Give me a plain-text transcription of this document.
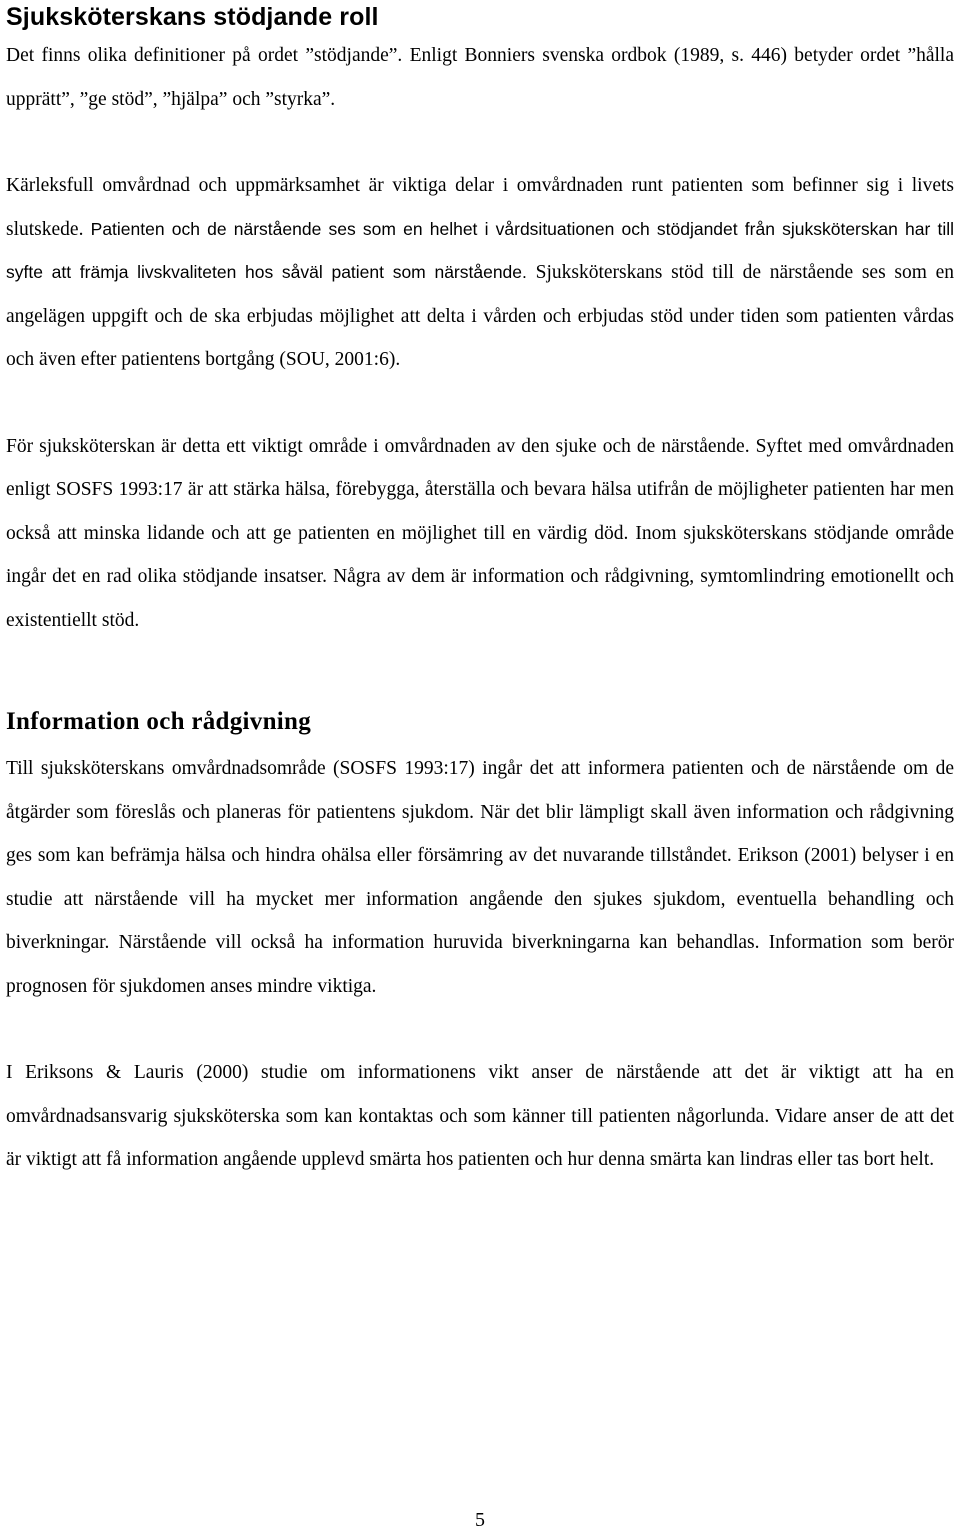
Sjuksköterskans stödjande roll

Det finns olika definitioner på ordet ”stödjande”. Enligt Bonniers svenska ordbok (1989, s. 446) betyder ordet ”hålla upprätt”, ”ge stöd”, ”hjälpa” och ”styrka”.

Kärleksfull omvårdnad och uppmärksamhet är viktiga delar i omvårdnaden runt patienten som befinner sig i livets slutskede. Patienten och de närstående ses som en helhet i vårdsituationen och stödjandet från sjuksköterskan har till syfte att främja livskvaliteten hos såväl patient som närstående. Sjuksköterskans stöd till de närstående ses som en angelägen uppgift och de ska erbjudas möjlighet att delta i vården och erbjudas stöd under tiden som patienten vårdas och även efter patientens bortgång (SOU, 2001:6).

För sjuksköterskan är detta ett viktigt område i omvårdnaden av den sjuke och de närstående. Syftet med omvårdnaden enligt SOSFS 1993:17 är att stärka hälsa, förebygga, återställa och bevara hälsa utifrån de möjligheter patienten har men också att minska lidande och att ge patienten en möjlighet till en värdig död. Inom sjuksköterskans stödjande område ingår det en rad olika stödjande insatser. Några av dem är information och rådgivning, symtomlindring emotionellt och existentiellt stöd.

Information och rådgivning

Till sjuksköterskans omvårdnadsområde (SOSFS 1993:17) ingår det att informera patienten och de närstående om de åtgärder som föreslås och planeras för patientens sjukdom. När det blir lämpligt skall även information och rådgivning ges som kan befrämja hälsa och hindra ohälsa eller försämring av det nuvarande tillståndet. Erikson (2001) belyser i en studie att närstående vill ha mycket mer information angående den sjukes sjukdom, eventuella behandling och biverkningar. Närstående vill också ha information huruvida biverkningarna kan behandlas. Information som berör prognosen för sjukdomen anses mindre viktiga.

I Eriksons & Lauris (2000) studie om informationens vikt anser de närstående att det är viktigt att ha en omvårdnadsansvarig sjuksköterska som kan kontaktas och som känner till patienten någorlunda. Vidare anser de att det är viktigt att få information angående upplevd smärta hos patienten och hur denna smärta kan lindras eller tas bort helt.

5
